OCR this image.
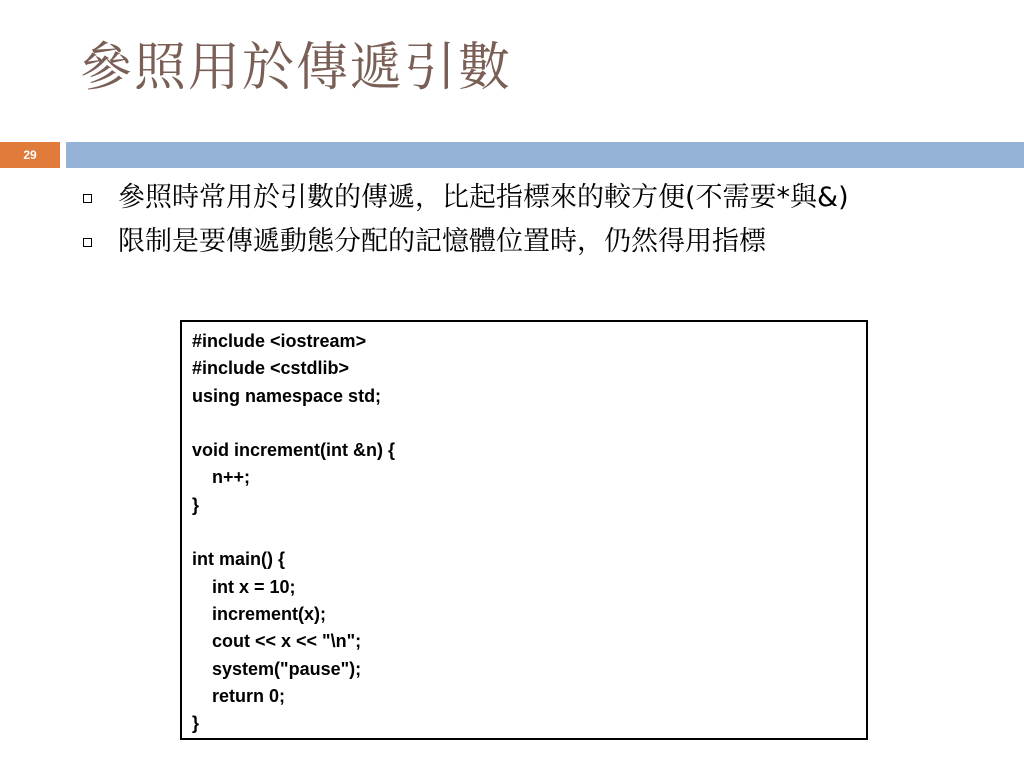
參照用於傳遞引數
29
參照時常用於引數的傳遞，比起指標來的較方便(不需要*與&)
限制是要傳遞動態分配的記憶體位置時，仍然得用指標
#include <iostream>
#include <cstdlib>
using namespace std;
void increment(int &n) {
n++;
}
int main() {
int x = 10;
increment(x);
cout << x << "\n";
system("pause");
return 0;
}
